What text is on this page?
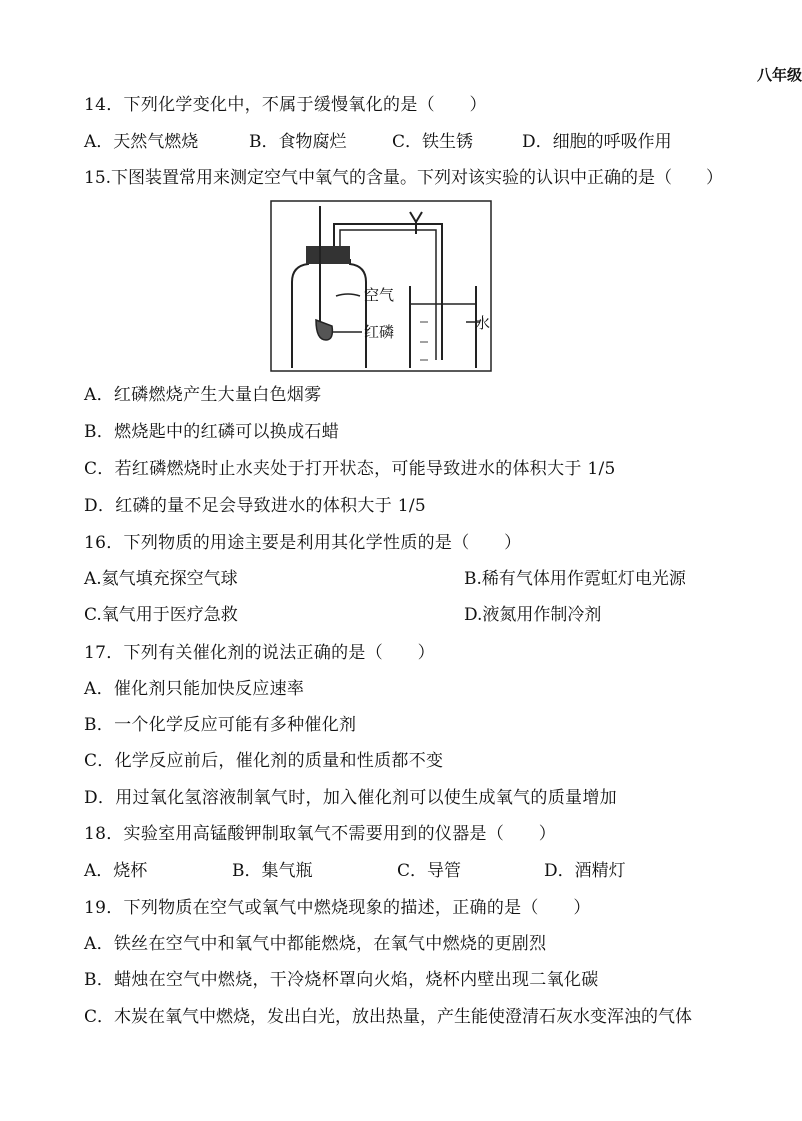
八年级
14．下列化学变化中，不属于缓慢氧化的是（　　）
A．天然气燃烧	B．食物腐烂	C．铁生锈	D．细胞的呼吸作用
15.下图装置常用来测定空气中氧气的含量。下列对该实验的认识中正确的是（　　）
空气
红磷	水
A．红磷燃烧产生大量白色烟雾
B．燃烧匙中的红磷可以换成石蜡
C．若红磷燃烧时止水夹处于打开状态，可能导致进水的体积大于 1/5
D．红磷的量不足会导致进水的体积大于 1/5
16．下列物质的用途主要是利用其化学性质的是（　　）
A.氦气填充探空气球	B.稀有气体用作霓虹灯电光源
C.氧气用于医疗急救	D.液氮用作制冷剂
17．下列有关催化剂的说法正确的是（　　）
A．催化剂只能加快反应速率
B．一个化学反应可能有多种催化剂
C．化学反应前后，催化剂的质量和性质都不变
D．用过氧化氢溶液制氧气时，加入催化剂可以使生成氧气的质量增加
18．实验室用高锰酸钾制取氧气不需要用到的仪器是（　　）
A．烧杯	B．集气瓶	C．导管	D．酒精灯
19．下列物质在空气或氧气中燃烧现象的描述，正确的是（　　）
A．铁丝在空气中和氧气中都能燃烧，在氧气中燃烧的更剧烈
B．蜡烛在空气中燃烧，干冷烧杯罩向火焰，烧杯内壁出现二氧化碳
C．木炭在氧气中燃烧，发出白光，放出热量，产生能使澄清石灰水变浑浊的气体
